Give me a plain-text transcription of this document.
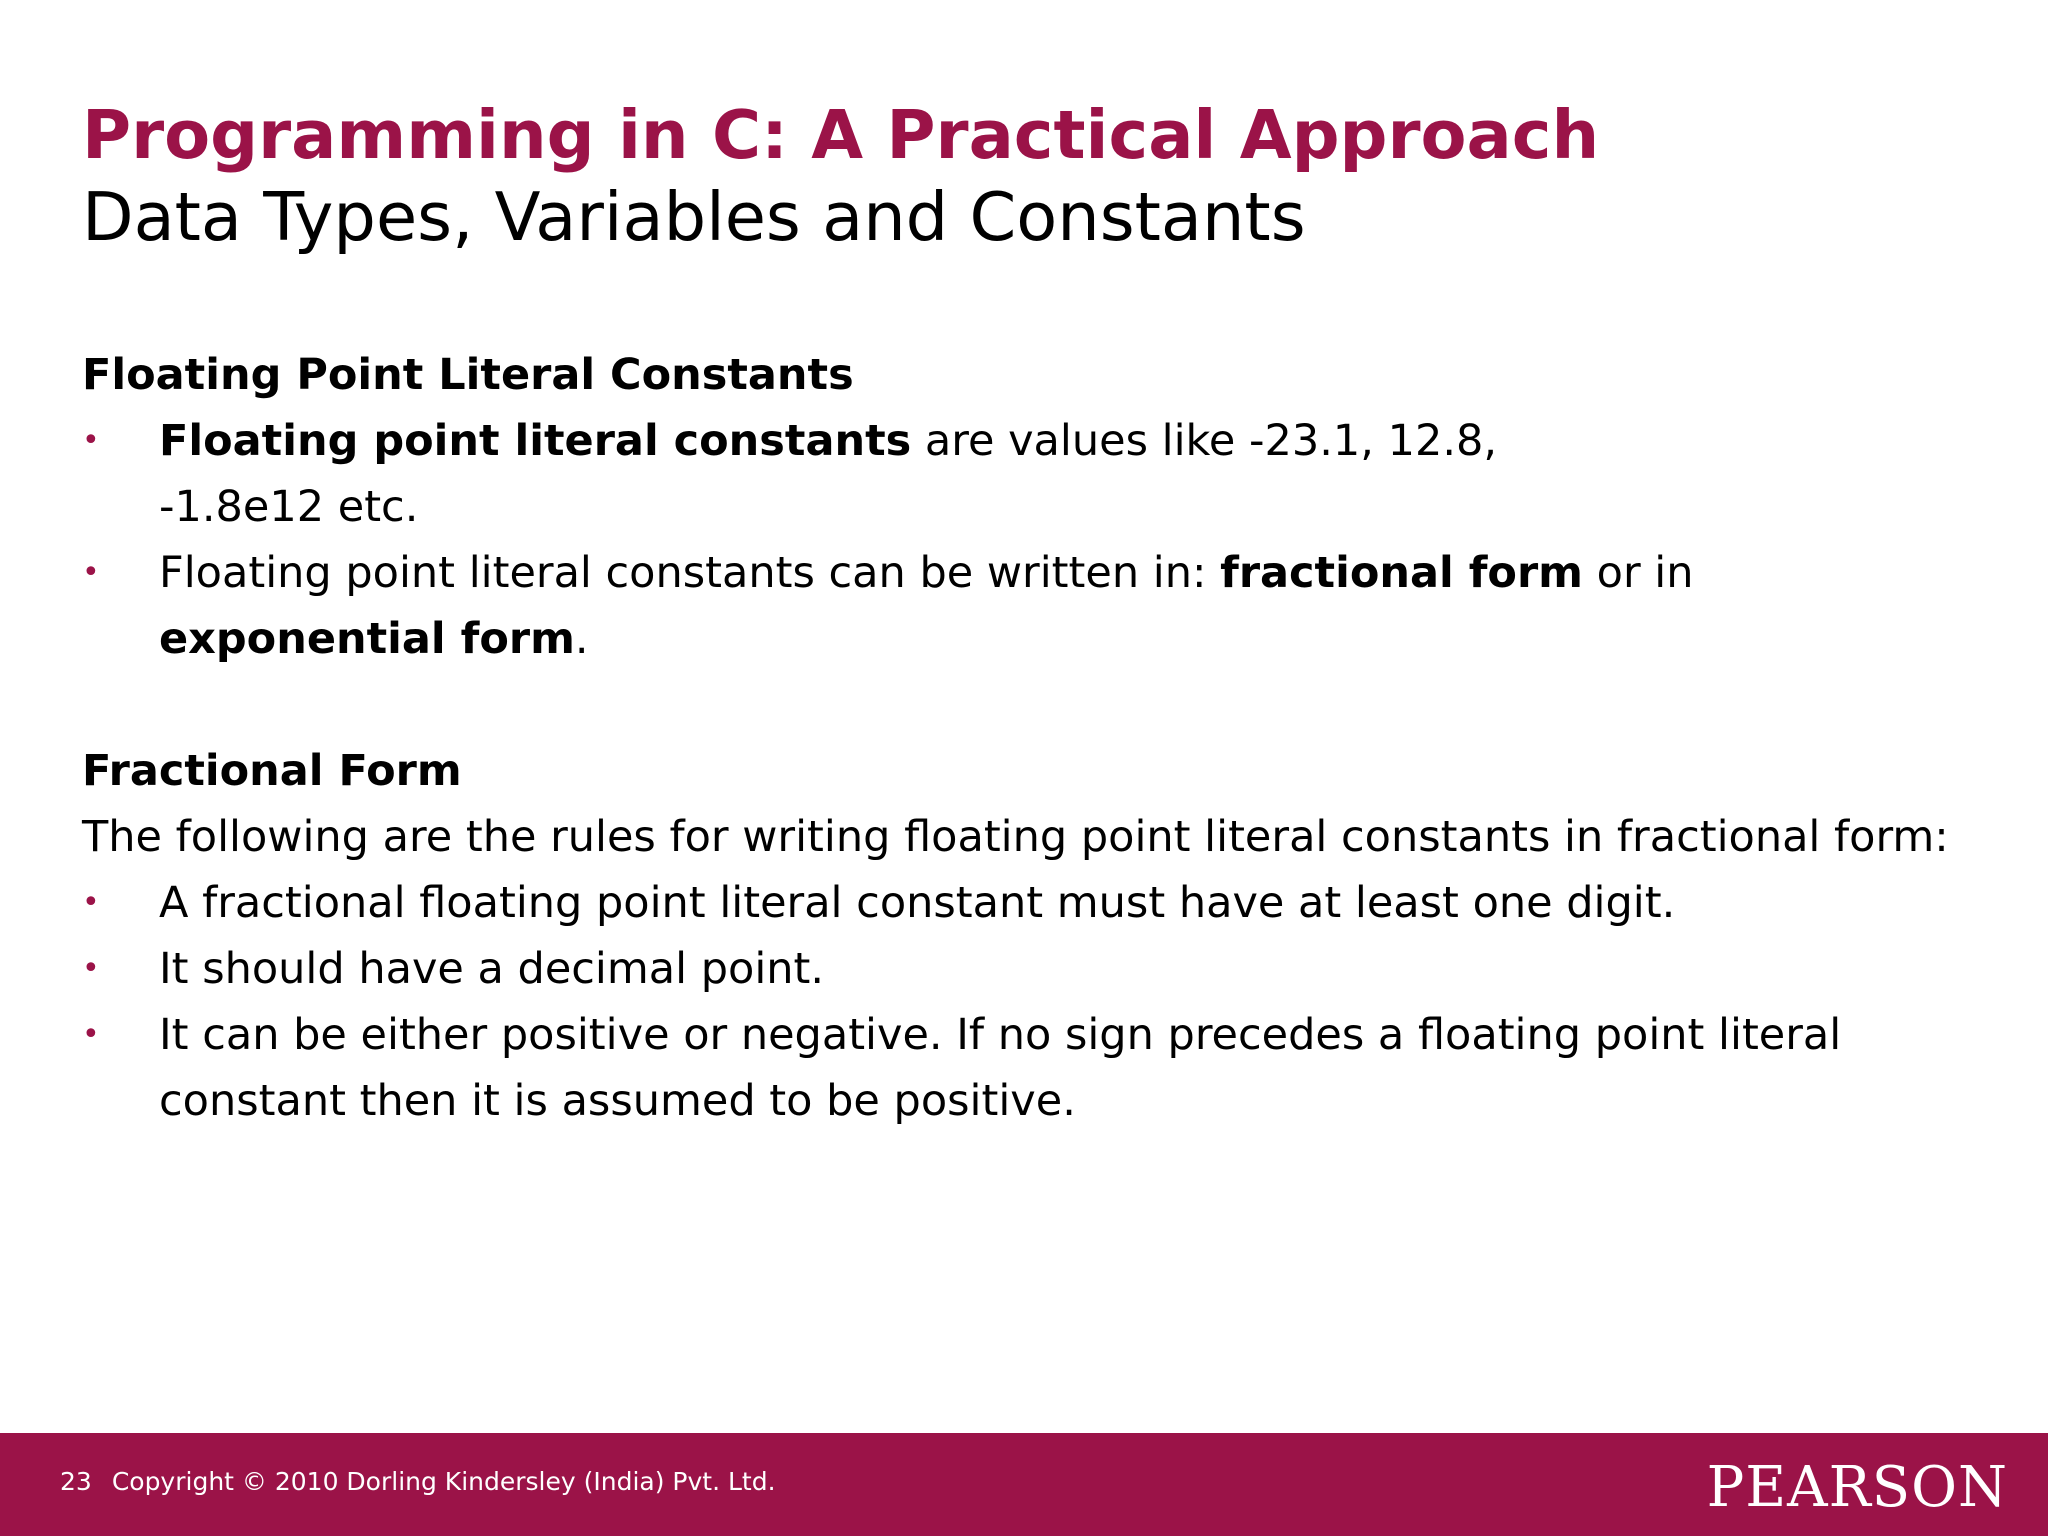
Programming in C: A Practical Approach
Data Types, Variables and Constants
Floating Point Literal Constants
•	Floating point literal constants are values like -23.1, 12.8,
-1.8e12 etc.
•	Floating point literal constants can be written in: fractional form or in
exponential form.
Fractional Form
The following are the rules for writing floating point literal constants in fractional form:
•	A fractional floating point literal constant must have at least one digit.
•	It should have a decimal point.
•	It can be either positive or negative. If no sign precedes a floating point literal constant then it is assumed to be positive.
23 Copyright © 2010 Dorling Kindersley (India) Pvt. Ltd.	PEARSON
